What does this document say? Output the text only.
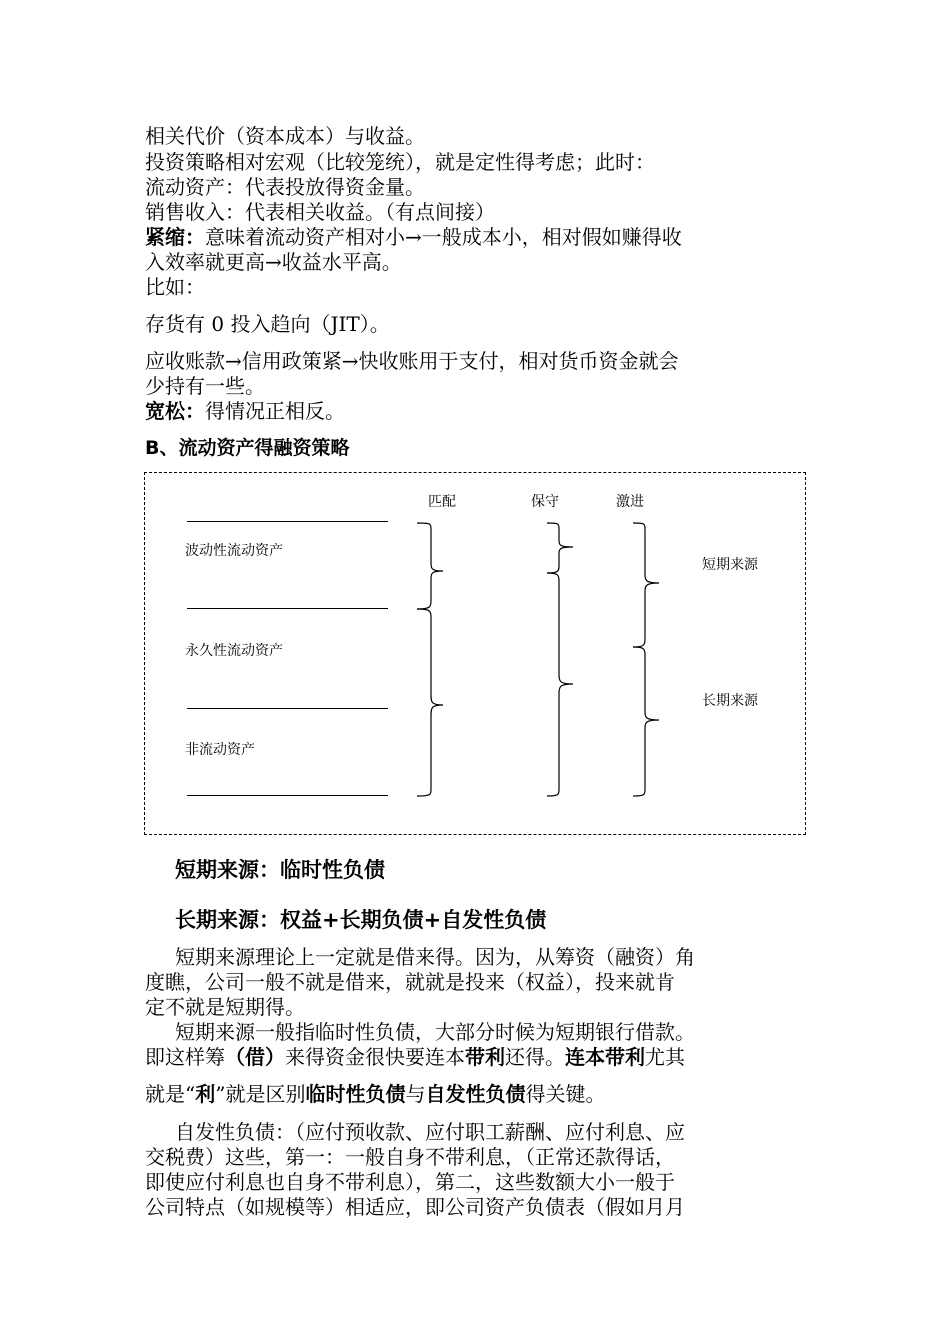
相关代价（资本成本）与收益。
投资策略相对宏观（比较笼统），就是定性得考虑；此时：
流动资产：代表投放得资金量。
销售收入：代表相关收益。（有点间接）
紧缩：意味着流动资产相对小→一般成本小，相对假如赚得收
入效率就更高→收益水平高。
比如：
存货有 0 投入趋向（JIT）。
应收账款→信用政策紧→快收账用于支付，相对货币资金就会
少持有一些。
宽松：得情况正相反。
B、流动资产得融资策略
匹配	保守	激进
波动性流动资产
永久性流动资产
非流动资产
短期来源
长期来源
短期来源：临时性负债
长期来源：权益+长期负债+自发性负债
短期来源理论上一定就是借来得。因为，从筹资（融资）角
度瞧，公司一般不就是借来，就就是投来（权益），投来就肯
定不就是短期得。
短期来源一般指临时性负债，大部分时候为短期银行借款。
即这样筹（借）来得资金很快要连本带利还得。连本带利尤其
就是“利”就是区别临时性负债与自发性负债得关键。
自发性负债：（应付预收款、应付职工薪酬、应付利息、应
交税费）这些，第一：一般自身不带利息，（正常还款得话，
即使应付利息也自身不带利息），第二，这些数额大小一般于
公司特点（如规模等）相适应，即公司资产负债表（假如月月
